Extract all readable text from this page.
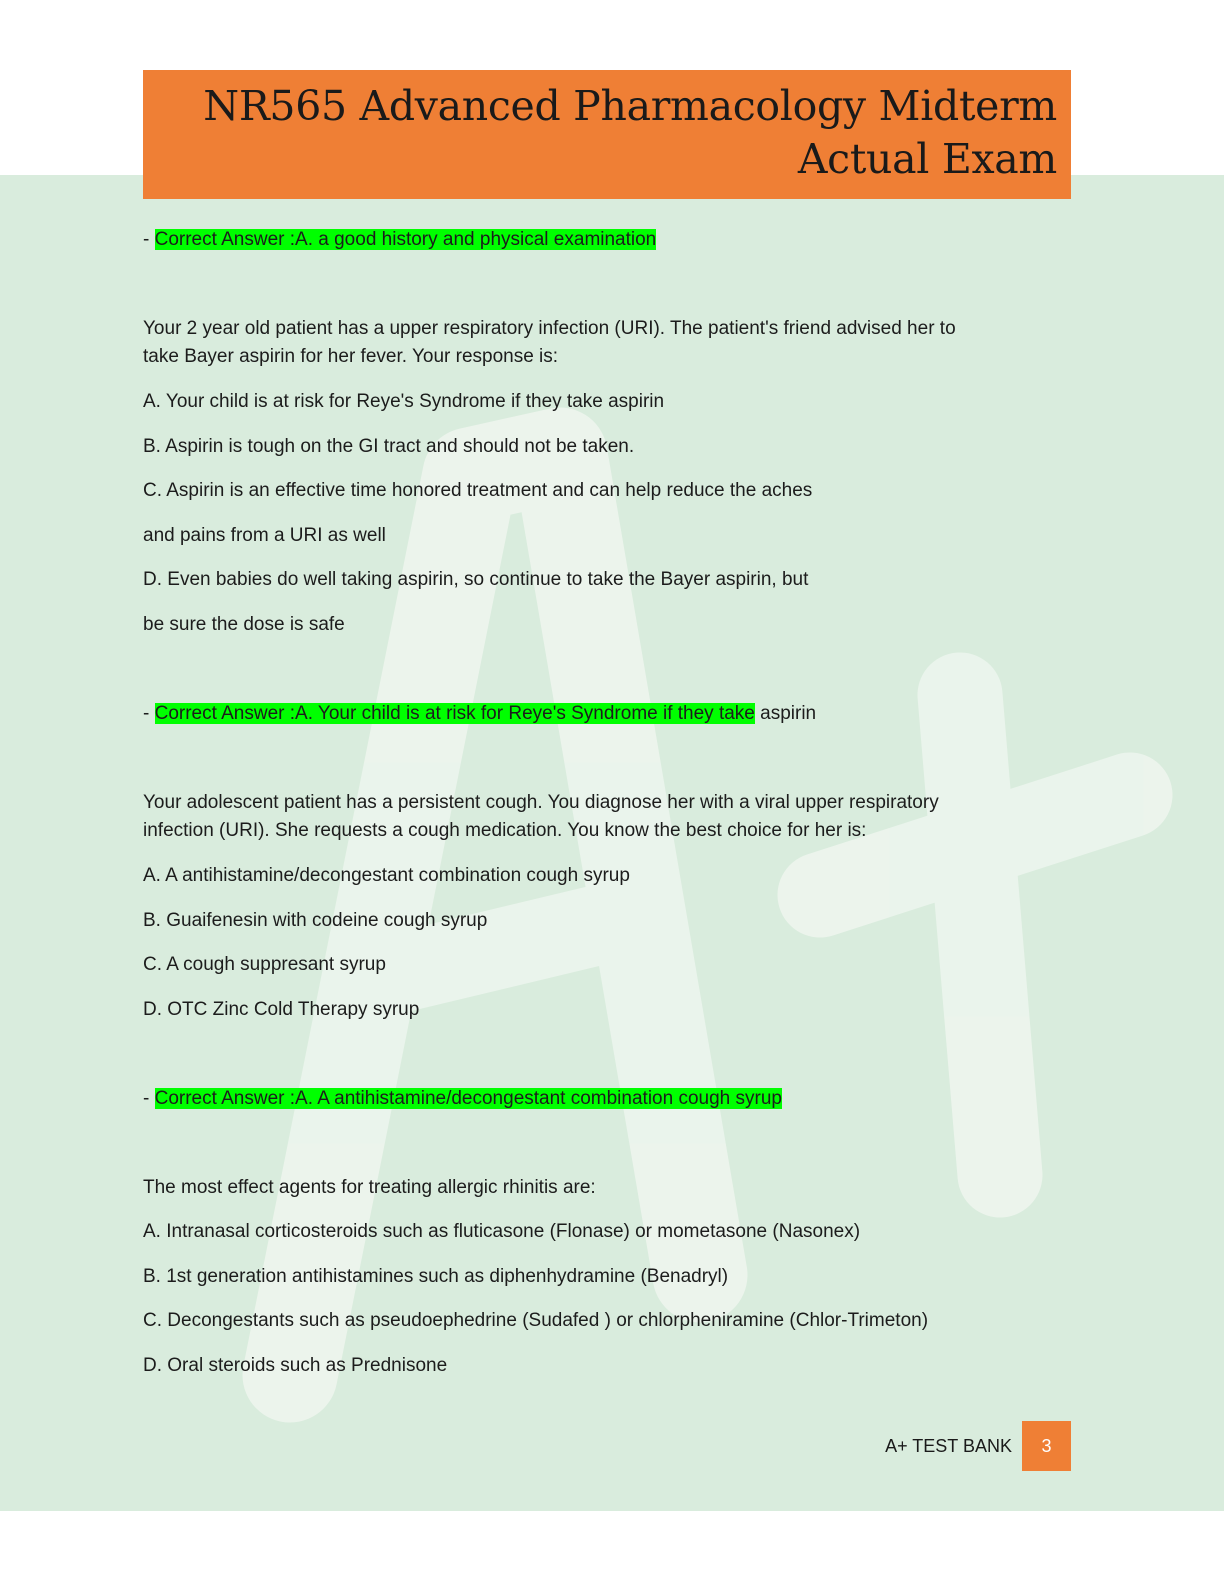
NR565 Advanced Pharmacology Midterm
Actual Exam
- Correct Answer :A. a good history and physical examination
Your 2 year old patient has a upper respiratory infection (URI). The patient's friend advised her to
take Bayer aspirin for her fever. Your response is:
A. Your child is at risk for Reye's Syndrome if they take aspirin
B. Aspirin is tough on the GI tract and should not be taken.
C. Aspirin is an effective time honored treatment and can help reduce the aches
and pains from a URI as well
D. Even babies do well taking aspirin, so continue to take the Bayer aspirin, but
be sure the dose is safe
- Correct Answer :A. Your child is at risk for Reye's Syndrome if they take aspirin
Your adolescent patient has a persistent cough. You diagnose her with a viral upper respiratory
infection (URI). She requests a cough medication. You know the best choice for her is:
A. A antihistamine/decongestant combination cough syrup
B. Guaifenesin with codeine cough syrup
C. A cough suppresant syrup
D. OTC Zinc Cold Therapy syrup
- Correct Answer :A. A antihistamine/decongestant combination cough syrup
The most effect agents for treating allergic rhinitis are:
A. Intranasal corticosteroids such as fluticasone (Flonase) or mometasone (Nasonex)
B. 1st generation antihistamines such as diphenhydramine (Benadryl)
C. Decongestants such as pseudoephedrine (Sudafed ) or chlorpheniramine (Chlor-Trimeton)
D. Oral steroids such as Prednisone
A+ TEST BANK	3
